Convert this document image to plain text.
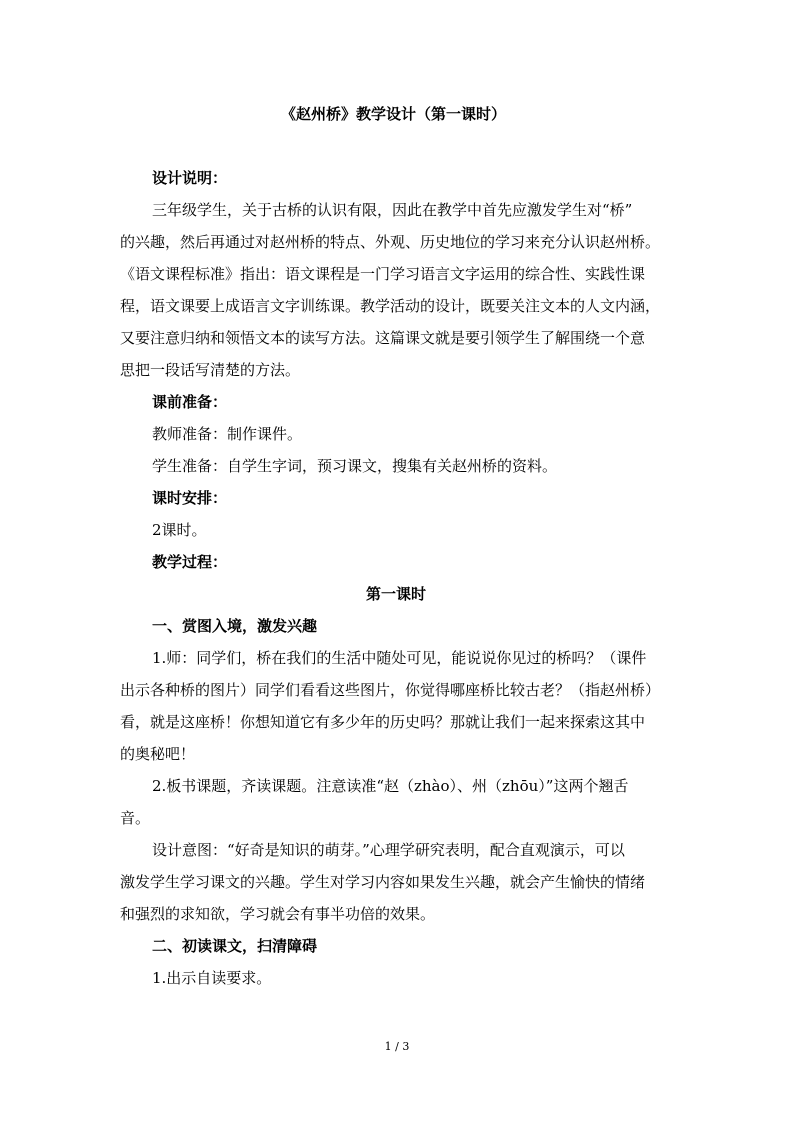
《赵州桥》教学设计（第一课时）
设计说明：
三年级学生，关于古桥的认识有限，因此在教学中首先应激发学生对“桥”
的兴趣，然后再通过对赵州桥的特点、外观、历史地位的学习来充分认识赵州桥。
《语文课程标准》指出：语文课程是一门学习语言文字运用的综合性、实践性课
程，语文课要上成语言文字训练课。教学活动的设计，既要关注文本的人文内涵，
又要注意归纳和领悟文本的读写方法。这篇课文就是要引领学生了解围绕一个意
思把一段话写清楚的方法。
课前准备：
教师准备：制作课件。
学生准备：自学生字词，预习课文，搜集有关赵州桥的资料。
课时安排：
2课时。
教学过程：
第一课时
一、赏图入境，激发兴趣
1.师：同学们，桥在我们的生活中随处可见，能说说你见过的桥吗？（课件
出示各种桥的图片）同学们看看这些图片，你觉得哪座桥比较古老？（指赵州桥）
看，就是这座桥！你想知道它有多少年的历史吗？那就让我们一起来探索这其中
的奥秘吧！
2.板书课题，齐读课题。注意读准“赵（zhào）、州（zhōu）”这两个翘舌
音。
设计意图：“好奇是知识的萌芽。”心理学研究表明，配合直观演示，可以
激发学生学习课文的兴趣。学生对学习内容如果发生兴趣，就会产生愉快的情绪
和强烈的求知欲，学习就会有事半功倍的效果。
二、初读课文，扫清障碍
1.出示自读要求。
1 / 3
